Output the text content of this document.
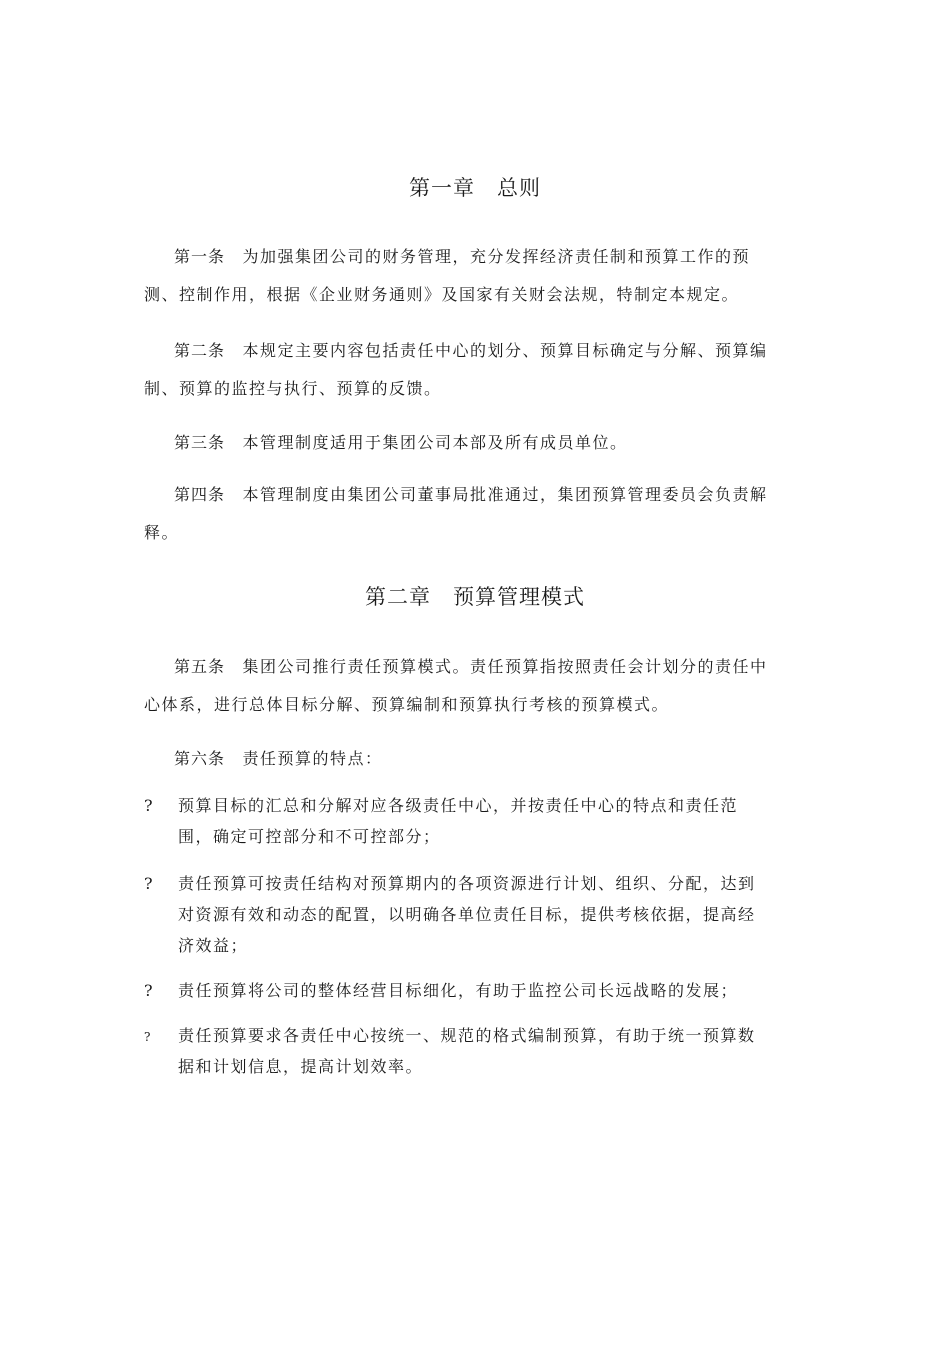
第一章　总则

第一条　 为加强集团公司的财务管理，充分发挥经济责任制和预算工作的预测、控制作用，根据《企业财务通则》及国家有关财会法规，特制定本规定。

第二条　 本规定主要内容包括责任中心的划分、预算目标确定与分解、预算编制、预算的监控与执行、预算的反馈。

第三条　 本管理制度适用于集团公司本部及所有成员单位。

第四条　 本管理制度由集团公司董事局批准通过，集团预算管理委员会负责解释。

第二章　预算管理模式

第五条　 集团公司推行责任预算模式。责任预算指按照责任会计划分的责任中心体系，进行总体目标分解、预算编制和预算执行考核的预算模式。

第六条　 责任预算的特点：

?	预算目标的汇总和分解对应各级责任中心，并按责任中心的特点和责任范围，确定可控部分和不可控部分；
?	责任预算可按责任结构对预算期内的各项资源进行计划、组织、分配，达到对资源有效和动态的配置，以明确各单位责任目标，提供考核依据，提高经济效益；
?	责任预算将公司的整体经营目标细化，有助于监控公司长远战略的发展；
?	责任预算要求各责任中心按统一、规范的格式编制预算，有助于统一预算数据和计划信息，提高计划效率。
